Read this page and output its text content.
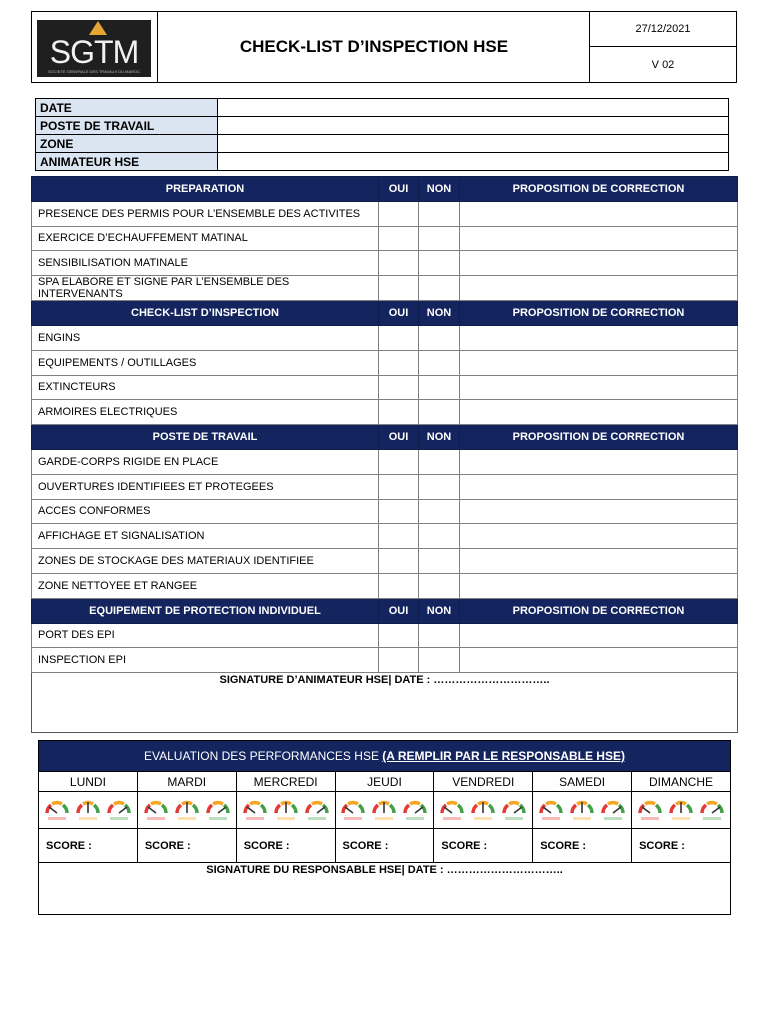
SGTM
SOCIETE GENERALE DES TRAVAUX DU MAROC
CHECK-LIST D’INSPECTION HSE
27/12/2021
V 02
DATE	
POSTE DE TRAVAIL	
ZONE	
ANIMATEUR HSE	
PREPARATION	OUI	NON	PROPOSITION DE CORRECTION
PRESENCE DES PERMIS POUR L’ENSEMBLE DES ACTIVITES			
EXERCICE D’ECHAUFFEMENT MATINAL			
SENSIBILISATION MATINALE			
SPA ELABORE ET SIGNE PAR L’ENSEMBLE DES INTERVENANTS			
CHECK-LIST D’INSPECTION	OUI	NON	PROPOSITION DE CORRECTION
ENGINS			
EQUIPEMENTS / OUTILLAGES			
EXTINCTEURS			
ARMOIRES ELECTRIQUES			
POSTE DE TRAVAIL	OUI	NON	PROPOSITION DE CORRECTION
GARDE-CORPS RIGIDE EN PLACE			
OUVERTURES IDENTIFIEES ET PROTEGEES			
ACCES CONFORMES			
AFFICHAGE ET SIGNALISATION			
ZONES DE STOCKAGE DES MATERIAUX IDENTIFIEE			
ZONE NETTOYEE ET RANGEE			
EQUIPEMENT DE PROTECTION INDIVIDUEL	OUI	NON	PROPOSITION DE CORRECTION
PORT DES EPI			
INSPECTION EPI			
SIGNATURE D’ANIMATEUR HSE| DATE : …………………………..			
EVALUATION DES PERFORMANCES HSE (A REMPLIR PAR LE RESPONSABLE HSE)						
LUNDI	MARDI	MERCREDI	JEUDI	VENDREDI	SAMEDI	DIMANCHE

SCORE :	SCORE :	SCORE :	SCORE :	SCORE :	SCORE :	SCORE :
SIGNATURE DU RESPONSABLE HSE| DATE : …………………………..						
